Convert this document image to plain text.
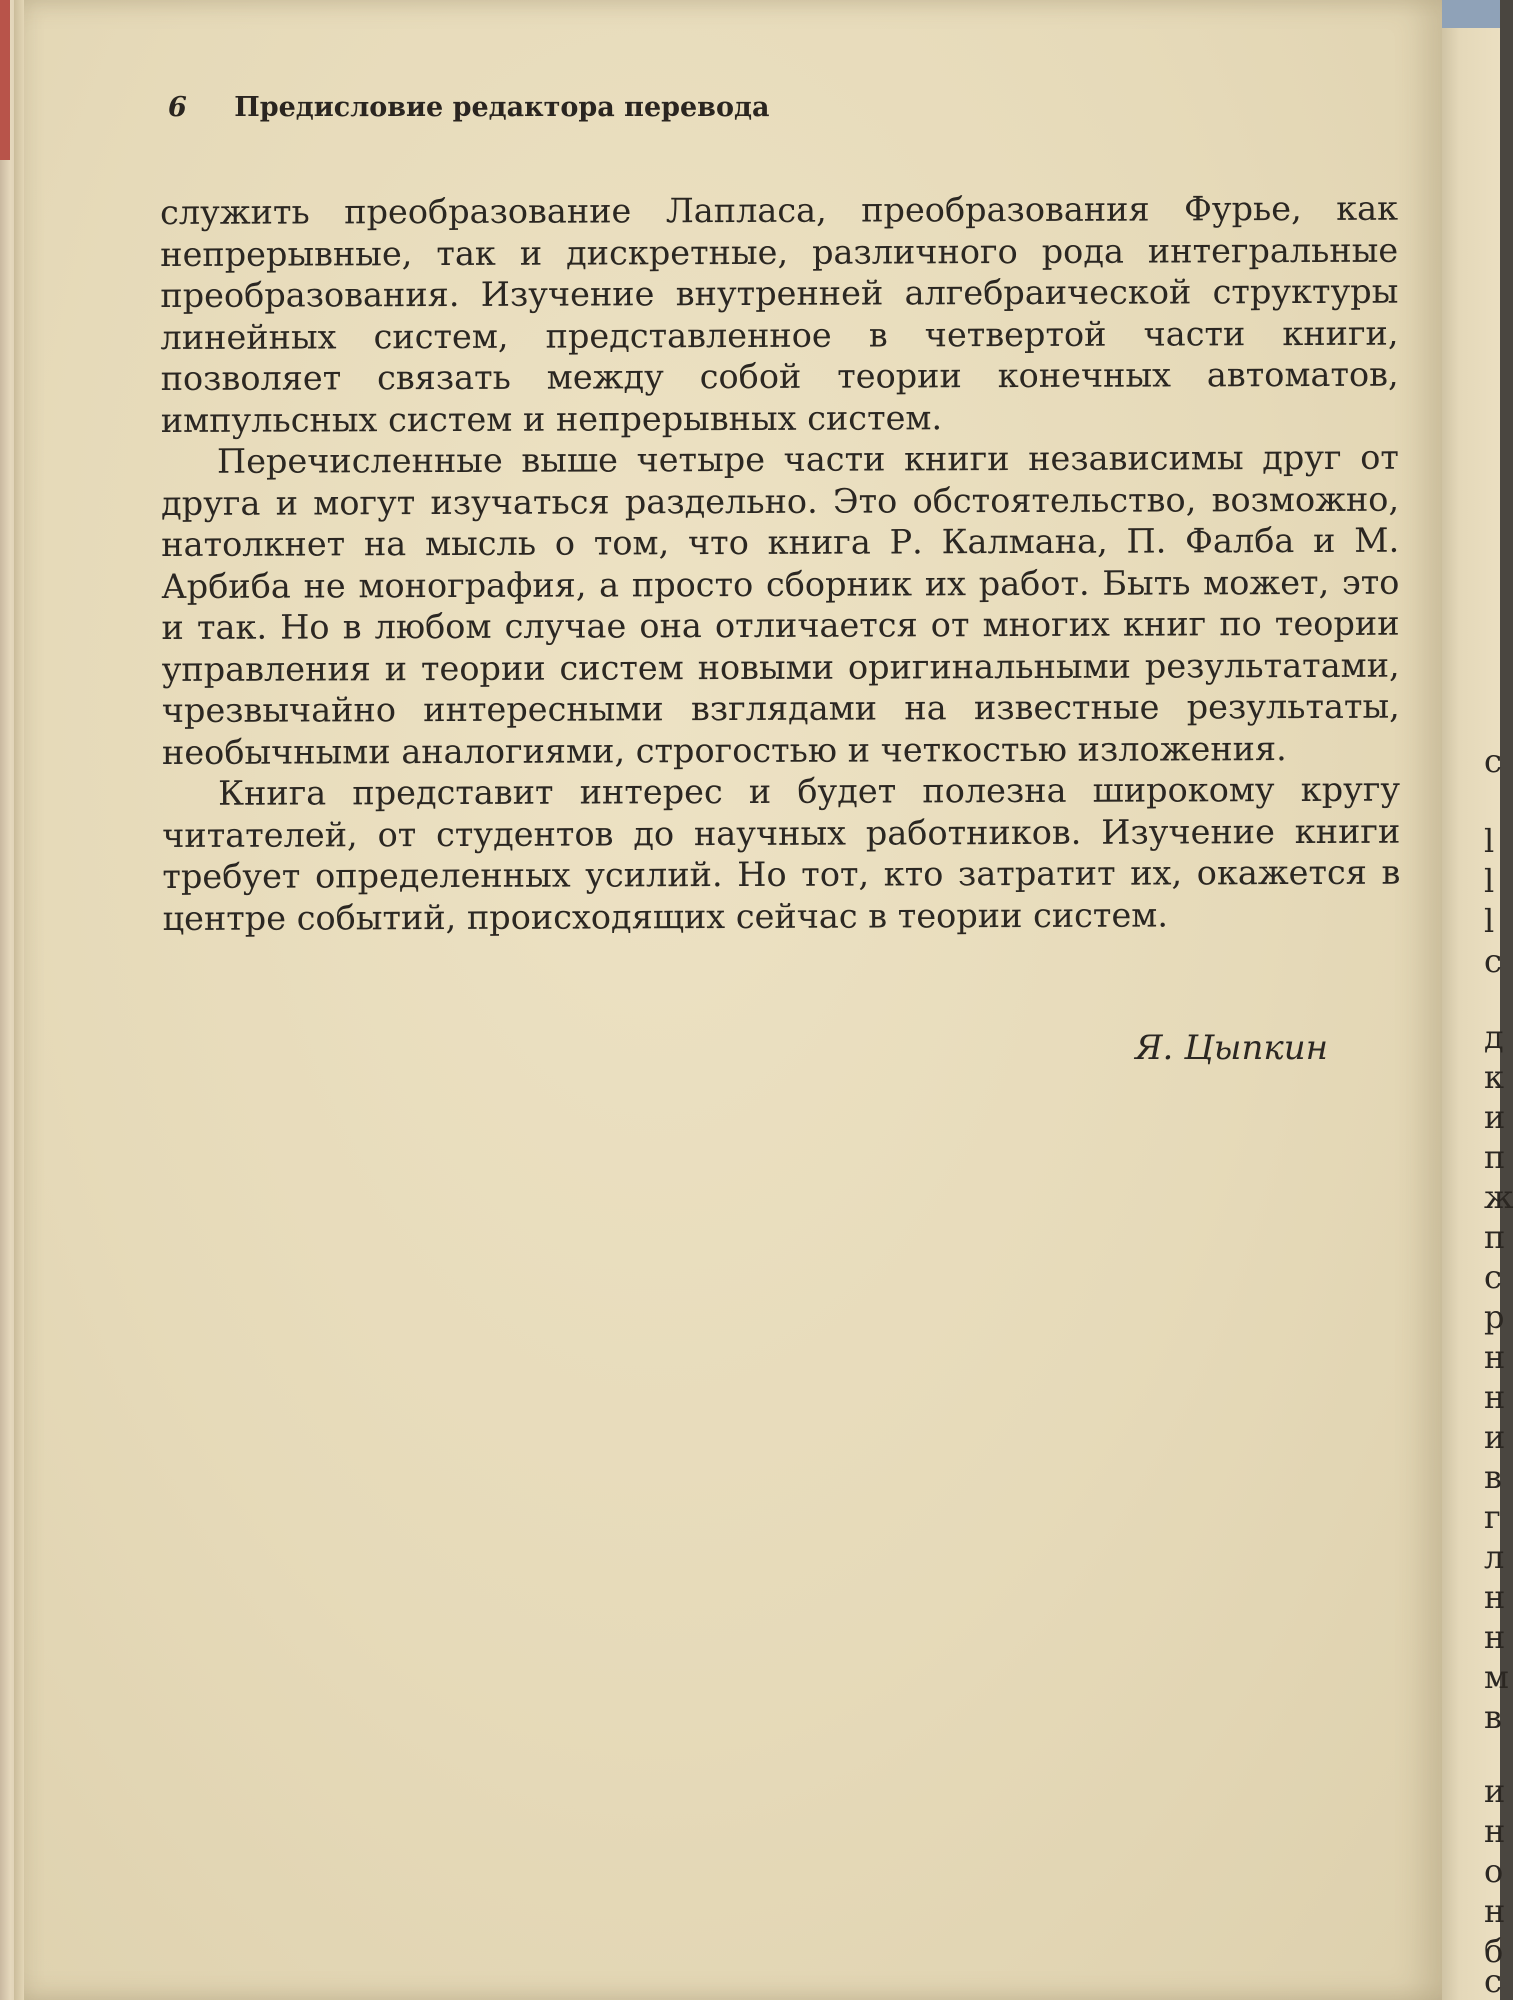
6 Предисловие редактора перевода

служить преобразование Лапласа, преобразования Фурье, как непрерывные, так и дискретные, различного рода интегральные преобразования. Изучение внутренней алгебраической структуры линейных систем, представленное в четвертой части книги, позволяет связать между собой теории конечных автоматов, импульсных систем и непрерывных систем.

Перечисленные выше четыре части книги независимы друг от друга и могут изучаться раздельно. Это обстоятельство, возможно, натолкнет на мысль о том, что книга Р. Калмана, П. Фалба и М. Арбиба не монография, а просто сборник их работ. Быть может, это и так. Но в любом случае она отличается от многих книг по теории управления и теории систем новыми оригинальными результатами, чрезвычайно интересными взглядами на известные результаты, необычными аналогиями, строгостью и четкостью изложения.

Книга представит интерес и будет полезна широкому кругу читателей, от студентов до научных работников. Изучение книги требует определенных усилий. Но тот, кто затратит их, окажется в центре событий, происходящих сейчас в теории систем.

Я. Цыпкин
с
l
l
l
с
д
к
и
п
ж
п
с
р
н
н
и
в
г
л
н
н
м
в
и
н
о
н
б
с
